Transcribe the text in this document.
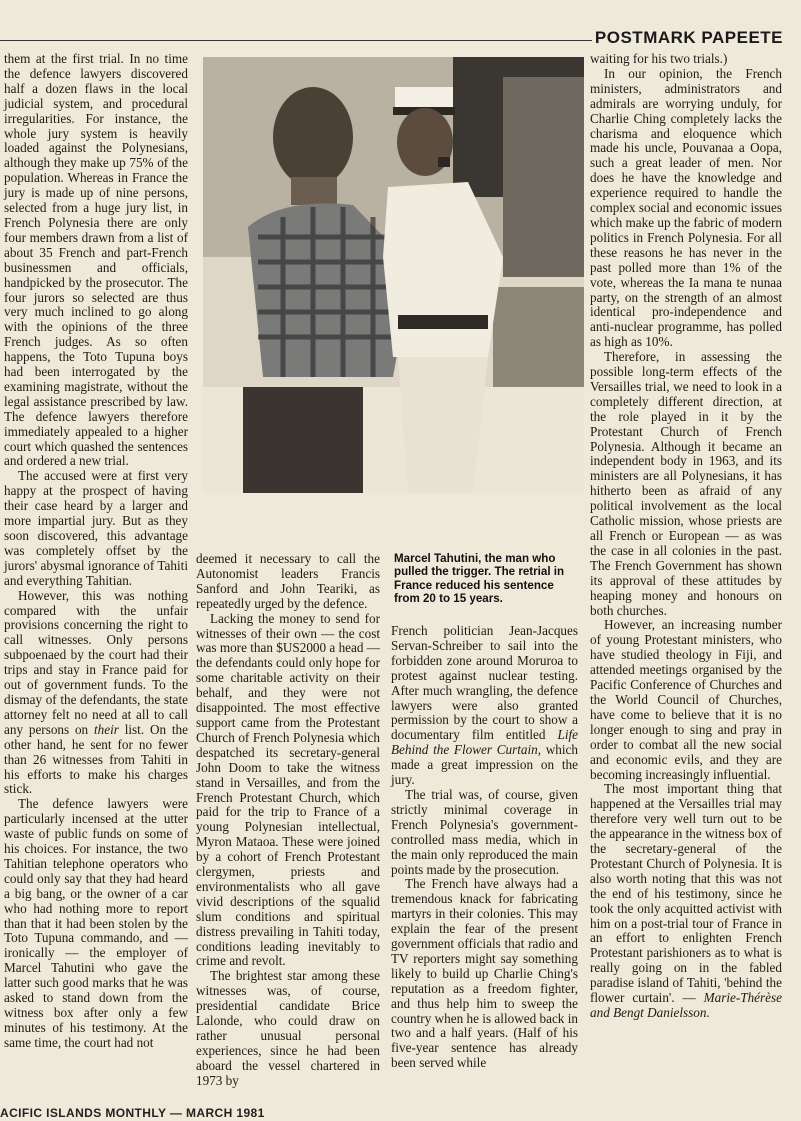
POSTMARK PAPEETE

them at the first trial. In no time the defence lawyers discovered half a dozen flaws in the local judicial system, and procedural irregularities. For instance, the whole jury system is heavily loaded against the Polynesians, although they make up 75% of the population. Whereas in France the jury is made up of nine persons, selected from a huge jury list, in French Polynesia there are only four members drawn from a list of about 35 French and part-French businessmen and officials, handpicked by the prosecutor. The four jurors so selected are thus very much inclined to go along with the opinions of the three French judges. As so often happens, the Toto Tupuna boys had been interrogated by the examining magistrate, without the legal assistance prescribed by law. The defence lawyers therefore immediately appealed to a higher court which quashed the sentences and ordered a new trial.

The accused were at first very happy at the prospect of having their case heard by a larger and more impartial jury. But as they soon discovered, this advantage was completely offset by the jurors' abysmal ignorance of Tahiti and everything Tahitian.

However, this was nothing compared with the unfair provisions concerning the right to call witnesses. Only persons subpoenaed by the court had their trips and stay in France paid for out of government funds. To the dismay of the defendants, the state attorney felt no need at all to call any persons on their list. On the other hand, he sent for no fewer than 26 witnesses from Tahiti in his efforts to make his charges stick.

The defence lawyers were particularly incensed at the utter waste of public funds on some of his choices. For instance, the two Tahitian telephone operators who could only say that they had heard a big bang, or the owner of a car who had nothing more to report than that it had been stolen by the Toto Tupuna commando, and — ironically — the employer of Marcel Tahutini who gave the latter such good marks that he was asked to stand down from the witness box after only a few minutes of his testimony. At the same time, the court had not

Marcel Tahutini, the man who pulled the trigger. The retrial in France reduced his sentence from 20 to 15 years.

deemed it necessary to call the Autonomist leaders Francis Sanford and John Teariki, as repeatedly urged by the defence.

Lacking the money to send for witnesses of their own — the cost was more than $US2000 a head — the defendants could only hope for some charitable activity on their behalf, and they were not disappointed. The most effective support came from the Protestant Church of French Polynesia which despatched its secretary-general John Doom to take the witness stand in Versailles, and from the French Protestant Church, which paid for the trip to France of a young Polynesian intellectual, Myron Mataoa. These were joined by a cohort of French Protestant clergymen, priests and environmentalists who all gave vivid descriptions of the squalid slum conditions and spiritual distress prevailing in Tahiti today, conditions leading inevitably to crime and revolt.

The brightest star among these witnesses was, of course, presidential candidate Brice Lalonde, who could draw on rather unusual personal experiences, since he had been aboard the vessel chartered in 1973 by

French politician Jean-Jacques Servan-Schreiber to sail into the forbidden zone around Moruroa to protest against nuclear testing. After much wrangling, the defence lawyers were also granted permission by the court to show a documentary film entitled Life Behind the Flower Curtain, which made a great impression on the jury.

The trial was, of course, given strictly minimal coverage in French Polynesia's government-controlled mass media, which in the main only reproduced the main points made by the prosecution.

The French have always had a tremendous knack for fabricating martyrs in their colonies. This may explain the fear of the present government officials that radio and TV reporters might say something likely to build up Charlie Ching's reputation as a freedom fighter, and thus help him to sweep the country when he is allowed back in two and a half years. (Half of his five-year sentence has already been served while

waiting for his two trials.)

In our opinion, the French ministers, administrators and admirals are worrying unduly, for Charlie Ching completely lacks the charisma and eloquence which made his uncle, Pouvanaa a Oopa, such a great leader of men. Nor does he have the knowledge and experience required to handle the complex social and economic issues which make up the fabric of modern politics in French Polynesia. For all these reasons he has never in the past polled more than 1% of the vote, whereas the Ia mana te nunaa party, on the strength of an almost identical pro-independence and anti-nuclear programme, has polled as high as 10%.

Therefore, in assessing the possible long-term effects of the Versailles trial, we need to look in a completely different direction, at the role played in it by the Protestant Church of French Polynesia. Although it became an independent body in 1963, and its ministers are all Polynesians, it has hitherto been as afraid of any political involvement as the local Catholic mission, whose priests are all French or European — as was the case in all colonies in the past. The French Government has shown its approval of these attitudes by heaping money and honours on both churches.

However, an increasing number of young Protestant ministers, who have studied theology in Fiji, and attended meetings organised by the Pacific Conference of Churches and the World Council of Churches, have come to believe that it is no longer enough to sing and pray in order to combat all the new social and economic evils, and they are becoming increasingly influential.

The most important thing that happened at the Versailles trial may therefore very well turn out to be the appearance in the witness box of the secretary-general of the Protestant Church of Polynesia. It is also worth noting that this was not the end of his testimony, since he took the only acquitted activist with him on a post-trial tour of France in an effort to enlighten French Protestant parishioners as to what is really going on in the fabled paradise island of Tahiti, 'behind the flower curtain'. — Marie-Thérèse and Bengt Danielsson.

ACIFIC ISLANDS MONTHLY — MARCH 1981
